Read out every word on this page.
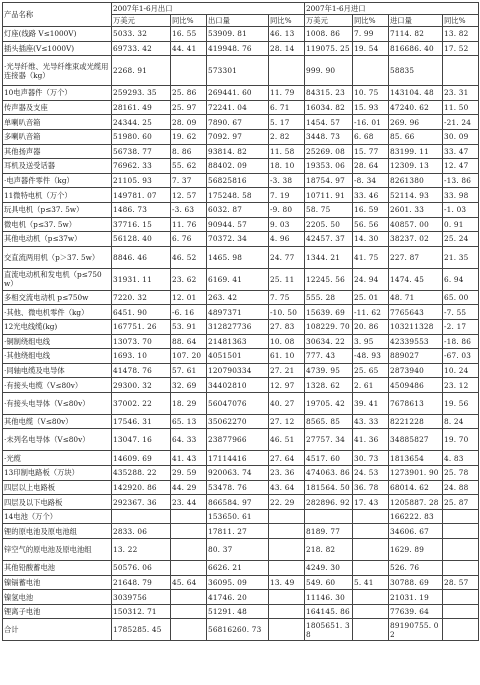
产品名称	2007年1-6月出口				2007年1-6月进口			
	万美元	同比%	出口量	同比%	万美元	同比%	进口量	同比%
灯座(线路 V≤1000V)	5033. 32	16. 55	53909. 81	46. 13	1008. 86	7. 99	7114. 82	13. 82
插头插座(V≤1000V)	69733. 42	44. 41	419948. 76	28. 14	119075. 25	19. 54	816686. 40	17. 52
·光导纤维、光导纤维束或光缆用连接器（kg）	2268. 91		573301		999. 90		58835	
10电声器件（万个）	259293. 35	25. 86	269441. 60	11. 79	84315. 23	10. 75	143104. 48	23. 31
传声器及支座	28161. 49	25. 97	72241. 04	6. 71	16034. 82	15. 93	47240. 62	11. 50
单喇叭音箱	24344. 25	28. 09	7890. 67	5. 17	1454. 57	-16. 01	269. 96	-21. 24
多喇叭音箱	51980. 60	19. 62	7092. 97	2. 82	3448. 73	6. 68	85. 66	30. 09
其他扬声器	56738. 77	8. 86	93814. 82	11. 58	25269. 08	15. 77	83199. 11	33. 47
耳机及送受话器	76962. 33	55. 62	88402. 09	18. 10	19353. 06	28. 64	12309. 13	12. 47
·电声器件零件（kg）	21105. 93	7. 37	56825816	-3. 38	18754. 97	-8. 34	8261380	-13. 86
11微特电机（万个）	149781. 07	12. 57	175248. 58	7. 19	10711. 91	33. 46	52114. 93	33. 98
玩具电机（p≤37. 5w）	1486. 73	-3. 63	6032. 87	-9. 80	58. 75	16. 59	2601. 33	-1. 03
微电机（p≤37. 5w）	37716. 15	11. 76	90944. 57	9. 03	2205. 50	56. 56	40857. 00	0. 91
其他电动机（p≤37w）	56128. 40	6. 76	70372. 34	4. 96	42457. 37	14. 30	38237. 02	25. 24
交直流两用机（p＞37. 5w）	8846. 46	46. 52	1465. 98	24. 77	1344. 21	41. 75	227. 87	21. 35
直流电动机和发电机（p≤750w）	31931. 11	23. 62	6169. 41	25. 11	12245. 56	24. 94	1474. 45	6. 94
多相交流电动机 p≤750w	7220. 32	12. 01	263. 42	7. 75	555. 28	25. 01	48. 71	65. 00
·其他、微电机零件（kg）	6451. 90	-6. 16	4897371	-10. 50	15639. 69	-11. 62	7765643	-7. 55
12光电线缆(kg)	167751. 26	53. 91	312827736	27. 83	108229. 70	20. 86	103211328	-2. 17
·铜制绕组电线	13073. 70	88. 64	21481363	10. 08	30634. 22	3. 95	42339553	-18. 86
·其他绕组电线	1693. 10	107. 20	4051501	61. 10	777. 43	-48. 93	889027	-67. 03
·同轴电缆及电导体	41478. 76	57. 61	120790334	27. 21	4739. 95	25. 65	2873940	10. 24
·有接头电缆（V≤80v）	29300. 32	32. 69	34402810	12. 97	1328. 62	2. 61	4509486	23. 12
·有接头电导体（V≤80v）	37002. 22	18. 29	56047076	40. 27	19705. 42	39. 41	7678613	19. 56
其他电缆（V≤80v）	17546. 31	65. 13	35062270	27. 12	8565. 85	43. 33	8221228	8. 24
·未列名电导体（V≤80v）	13047. 16	64. 33	23877966	46. 51	27757. 34	41. 36	34885827	19. 70
·光缆	14609. 69	41. 43	17114416	27. 64	4517. 60	30. 73	1813654	4. 83
13印制电路板（万块）	435288. 22	29. 59	920063. 74	23. 36	474063. 86	24. 53	1273901. 90	25. 78
四层以上电路板	142920. 86	44. 29	53478. 76	43. 64	181564. 50	36. 78	68014. 62	24. 88
四层及以下电路板	292367. 36	23. 44	866584. 97	22. 29	282896. 92	17. 43	1205887. 28	25. 87
14电池（万个）			153650. 61				166222. 83	
锂的原电池及原电池组	2833. 06		17811. 27		8189. 77		34606. 67	
锌空气的原电池及原电池组	13. 22		80. 37		218. 82		1629. 89	
其他铅酸蓄电池	50576. 06		6626. 21		4249. 30		526. 76	
镍镉蓄电池	21648. 79	45. 64	36095. 09	13. 49	549. 60	5. 41	30788. 69	28. 57
镍氢电池	3039756		41746. 20		11146. 30		21031. 19	
锂离子电池	150312. 71		51291. 48		164145. 86		77639. 64	
合计	1785285. 45		56816260. 73		1805651. 38		89190755. 02	
